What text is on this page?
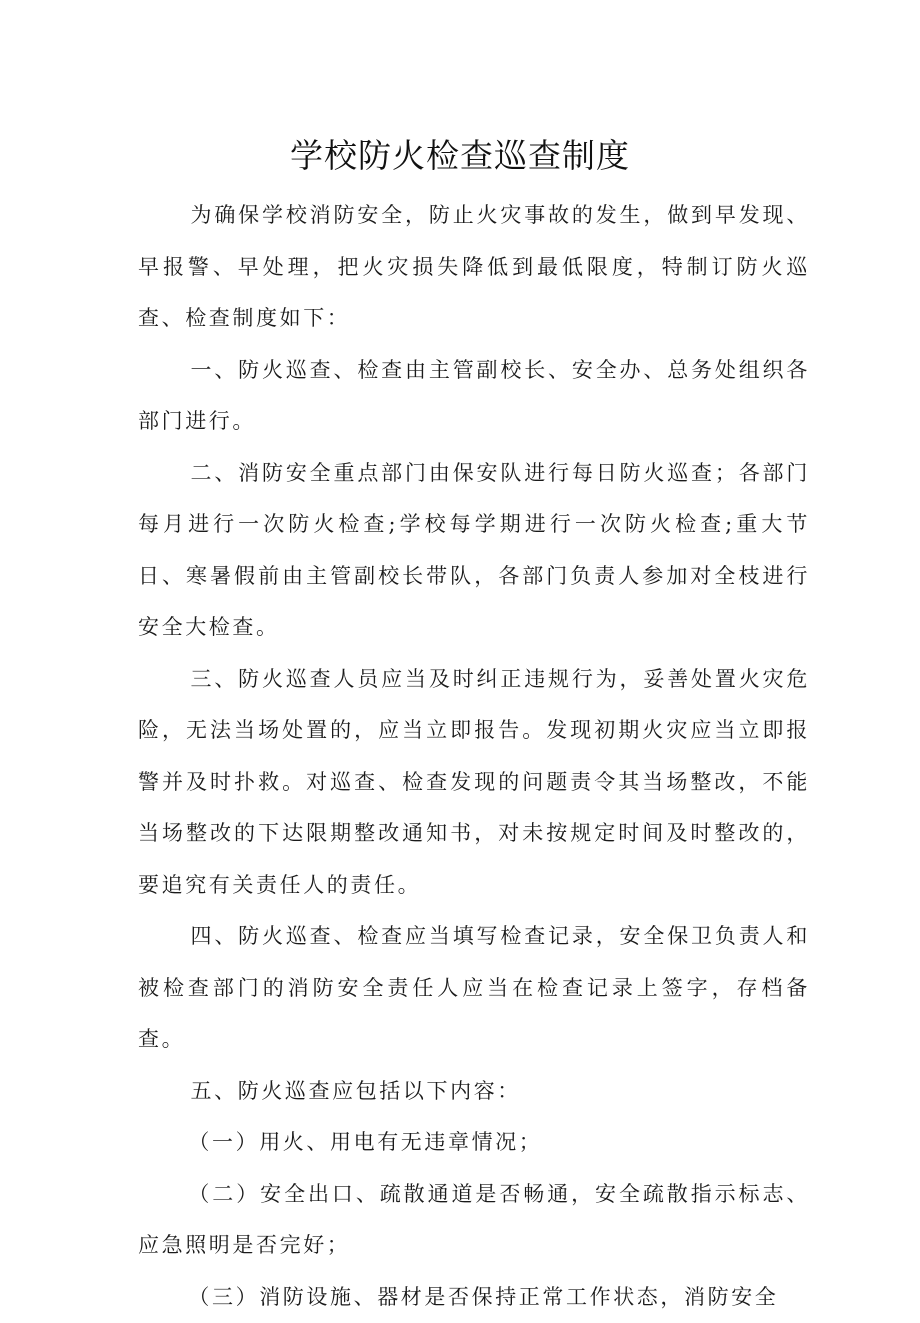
学校防火检查巡查制度

为确保学校消防安全，防止火灾事故的发生，做到早发现、早报警、早处理，把火灾损失降低到最低限度，特制订防火巡查、检查制度如下：

一、防火巡查、检查由主管副校长、安全办、总务处组织各部门进行。

二、消防安全重点部门由保安队进行每日防火巡查；各部门每月进行一次防火检查;学校每学期进行一次防火检查;重大节日、寒暑假前由主管副校长带队，各部门负责人参加对全枝进行安全大检查。

三、防火巡查人员应当及时纠正违规行为，妥善处置火灾危险，无法当场处置的，应当立即报告。发现初期火灾应当立即报警并及时扑救。对巡查、检查发现的问题责令其当场整改，不能当场整改的下达限期整改通知书，对未按规定时间及时整改的，要追究有关责任人的责任。

四、防火巡查、检查应当填写检查记录，安全保卫负责人和被检查部门的消防安全责任人应当在检查记录上签字，存档备查。

五、防火巡查应包括以下内容：

（一）用火、用电有无违章情况；

（二）安全出口、疏散通道是否畅通，安全疏散指示标志、应急照明是否完好；

（三）消防设施、器材是否保持正常工作状态，消防安全
